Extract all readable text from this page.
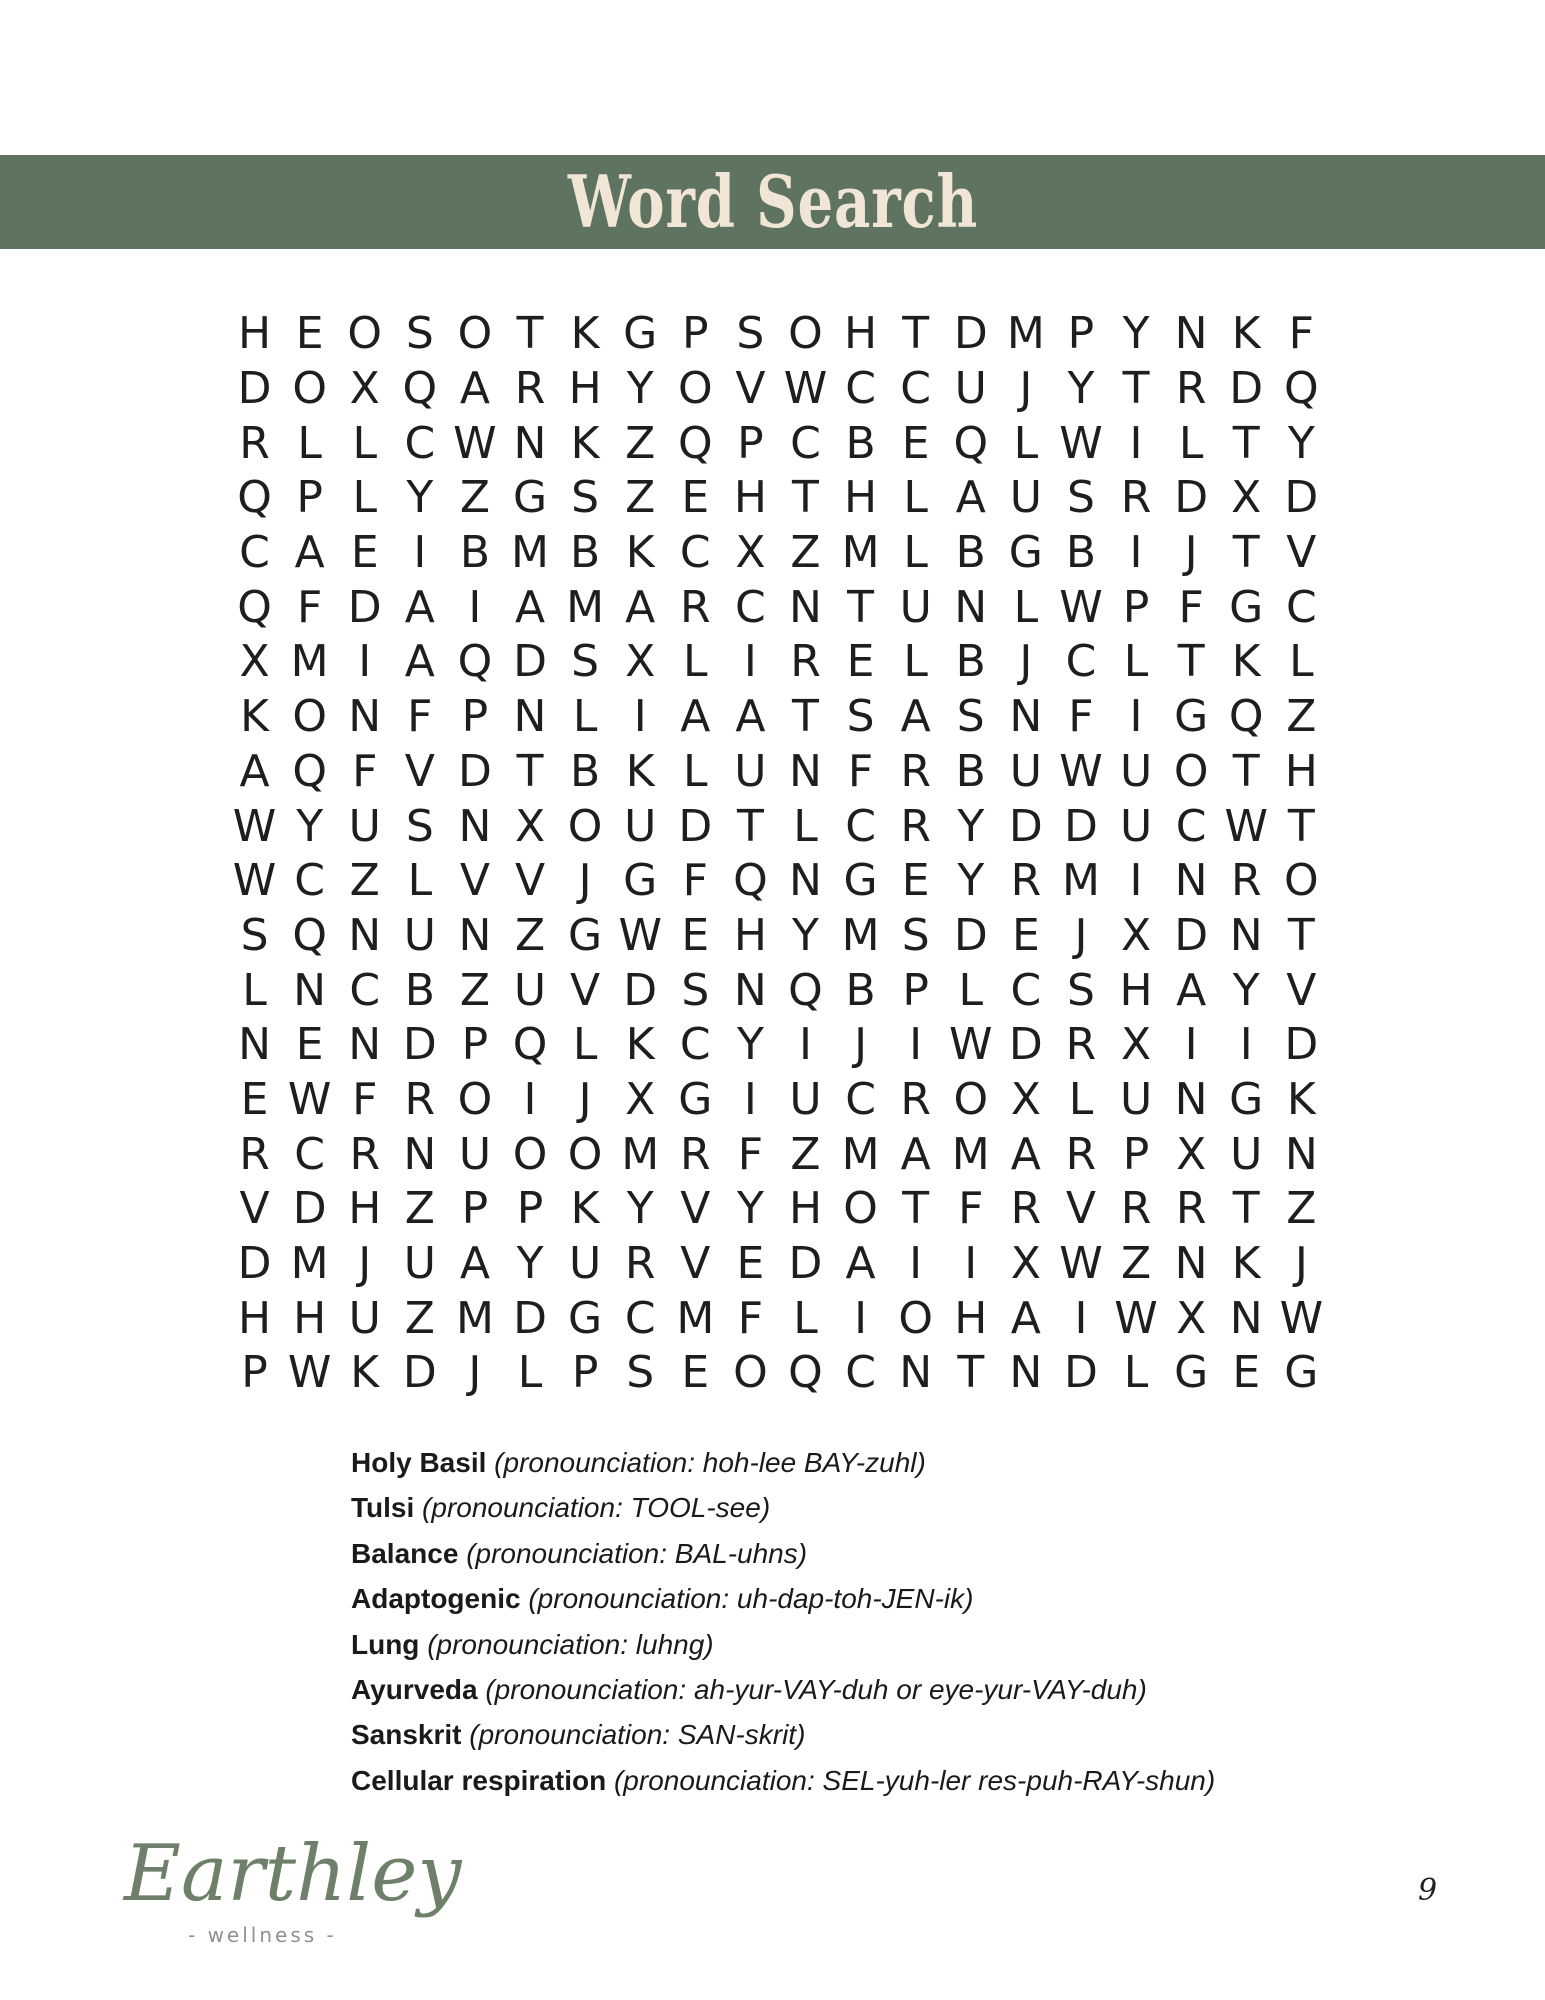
Word Search
H E O S O T K G P S O H T D M P Y N K F
D O X Q A R H Y O V W C C U J Y T R D Q
R L L C W N K Z Q P C B E Q L W I L T Y
Q P L Y Z G S Z E H T H L A U S R D X D
C A E I B M B K C X Z M L B G B I J T V
Q F D A I A M A R C N T U N L W P F G C
X M I A Q D S X L I R E L B J C L T K L
K O N F P N L I A A T S A S N F I G Q Z
A Q F V D T B K L U N F R B U W U O T H
W Y U S N X O U D T L C R Y D D U C W T
W C Z L V V J G F Q N G E Y R M I N R O
S Q N U N Z G W E H Y M S D E J X D N T
L N C B Z U V D S N Q B P L C S H A Y V
N E N D P Q L K C Y I J I W D R X I I D
E W F R O I J X G I U C R O X L U N G K
R C R N U O O M R F Z M A M A R P X U N
V D H Z P P K Y V Y H O T F R V R R T Z
D M J U A Y U R V E D A I I X W Z N K J
H H U Z M D G C M F L I O H A I W X N W
P W K D J L P S E O Q C N T N D L G E G
Holy Basil (pronounciation: hoh-lee BAY-zuhl)
Tulsi (pronounciation: TOOL-see)
Balance (pronounciation: BAL-uhns)
Adaptogenic (pronounciation: uh-dap-toh-JEN-ik)
Lung (pronounciation: luhng)
Ayurveda (pronounciation: ah-yur-VAY-duh or eye-yur-VAY-duh)
Sanskrit (pronounciation: SAN-skrit)
Cellular respiration (pronounciation: SEL-yuh-ler res-puh-RAY-shun)
Earthley
- wellness -
9
